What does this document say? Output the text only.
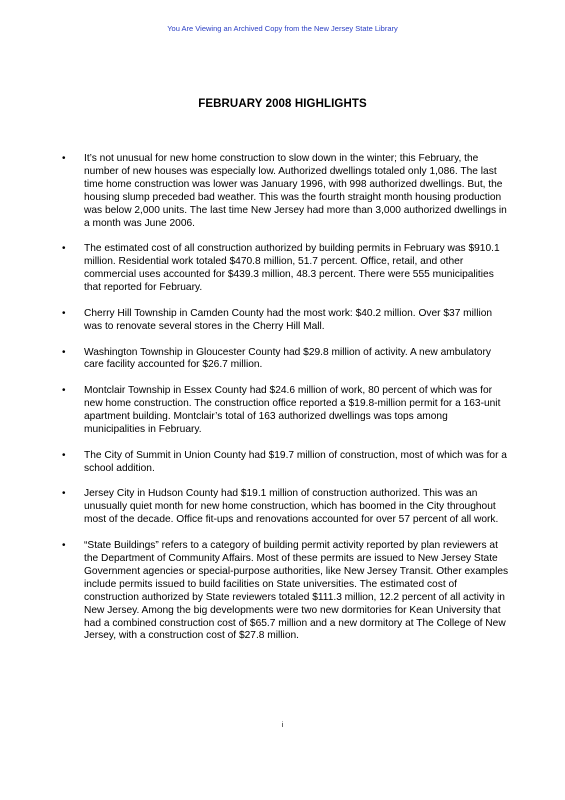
You Are Viewing an Archived Copy from the New Jersey State Library
FEBRUARY 2008 HIGHLIGHTS
• It’s not unusual for new home construction to slow down in the winter; this February, the number of new houses was especially low. Authorized dwellings totaled only 1,086. The last time home construction was lower was January 1996, with 998 authorized dwellings. But, the housing slump preceded bad weather. This was the fourth straight month housing production was below 2,000 units. The last time New Jersey had more than 3,000 authorized dwellings in a month was June 2006.
• The estimated cost of all construction authorized by building permits in February was $910.1 million. Residential work totaled $470.8 million, 51.7 percent. Office, retail, and other commercial uses accounted for $439.3 million, 48.3 percent. There were 555 municipalities that reported for February.
• Cherry Hill Township in Camden County had the most work: $40.2 million. Over $37 million was to renovate several stores in the Cherry Hill Mall.
• Washington Township in Gloucester County had $29.8 million of activity. A new ambulatory care facility accounted for $26.7 million.
• Montclair Township in Essex County had $24.6 million of work, 80 percent of which was for new home construction. The construction office reported a $19.8-million permit for a 163-unit apartment building. Montclair’s total of 163 authorized dwellings was tops among municipalities in February.
• The City of Summit in Union County had $19.7 million of construction, most of which was for a school addition.
• Jersey City in Hudson County had $19.1 million of construction authorized. This was an unusually quiet month for new home construction, which has boomed in the City throughout most of the decade. Office fit-ups and renovations accounted for over 57 percent of all work.
• “State Buildings” refers to a category of building permit activity reported by plan reviewers at the Department of Community Affairs. Most of these permits are issued to New Jersey State Government agencies or special-purpose authorities, like New Jersey Transit. Other examples include permits issued to build facilities on State universities. The estimated cost of construction authorized by State reviewers totaled $111.3 million, 12.2 percent of all activity in New Jersey. Among the big developments were two new dormitories for Kean University that had a combined construction cost of $65.7 million and a new dormitory at The College of New Jersey, with a construction cost of $27.8 million.
i
